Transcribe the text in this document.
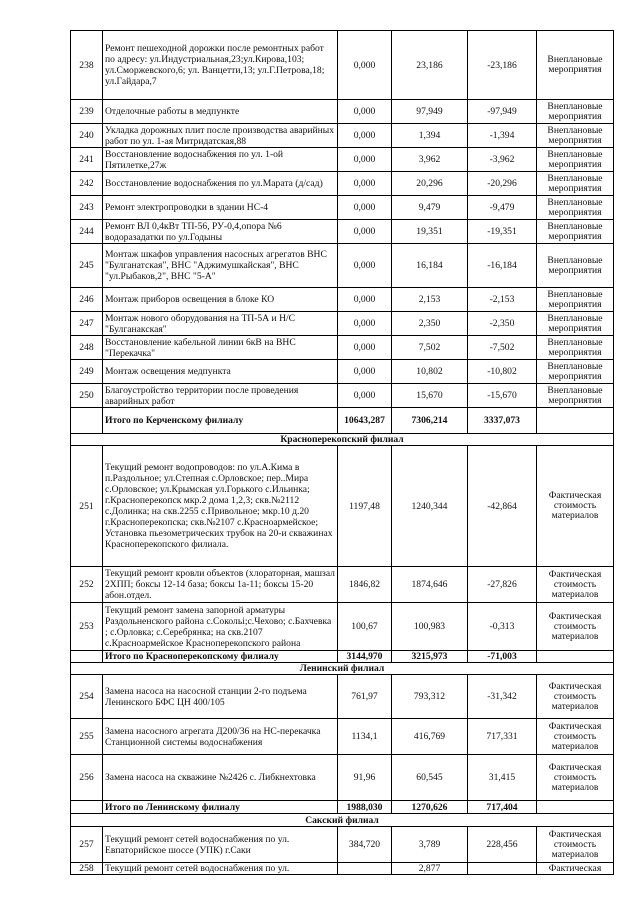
238	Ремонт пешеходной дорожки после ремонтных работ по адресу: ул.Индустриальная,23;ул.Кирова,103; ул.Сморжевского,6; ул. Ванцетти,13; ул.Г.Петрова,18; ул.Гайдара,7	0,000	23,186	-23,186	Внеплановые мероприятия
239	Отделочные работы в медпункте	0,000	97,949	-97,949	Внеплановые мероприятия
240	Укладка дорожных плит после производства аварийных работ по ул. 1-ая Митридатская,88	0,000	1,394	-1,394	Внеплановые мероприятия
241	Восстановление водоснабжения по ул. 1-ой Пятилетке,27ж	0,000	3,962	-3,962	Внеплановые мероприятия
242	Восстановление водоснабжения по ул.Марата (д/сад)	0,000	20,296	-20,296	Внеплановые мероприятия
243	Ремонт электропроводки в здании НС-4	0,000	9,479	-9,479	Внеплановые мероприятия
244	Ремонт ВЛ 0,4кВт ТП-56, РУ-0,4,опора №6 водоразадатки по ул.Годыны	0,000	19,351	-19,351	Внеплановые мероприятия
245	Монтаж шкафов управления насосных агрегатов ВНС "Булганатская", ВНС "Аджимушкайская", ВНС "ул.Рыбаков,2", ВНС "5-А"	0,000	16,184	-16,184	Внеплановые мероприятия
246	Монтаж приборов освещения в блоке КО	0,000	2,153	-2,153	Внеплановые мероприятия
247	Монтаж нового оборудования на ТП-5А и Н/С "Булганакская"	0,000	2,350	-2,350	Внеплановые мероприятия
248	Восстановление кабельной линии 6кВ на ВНС "Перекачка"	0,000	7,502	-7,502	Внеплановые мероприятия
249	Монтаж освещения медпункта	0,000	10,802	-10,802	Внеплановые мероприятия
250	Благоустройство территории после проведения аварийных работ	0,000	15,670	-15,670	Внеплановые мероприятия
	Итого по Керченскому филиалу	10643,287	7306,214	3337,073	
Красноперекопский филиал					
251	Текущий ремонт водопроводов: по ул.А.Кима в п.Раздольное; ул.Степная с.Орловское; пер..Мира с.Орловское; ул.Крымская ул.Горького с.Ильинка; г.Красноперекопск мкр.2 дома 1,2,3; скв.№2112 с.Долинка; на скв.2255 с.Привольное; мкр.10 д.20 г.Красноперекопска; скв.№2107 с.Красноармейское; Установка пьезометрических трубок на 20-и скважинах Красноперекопского филиала.	1197,48	1240,344	-42,864	Фактическая стоимость материалов
252	Текущий ремонт кровли объектов (хлораторная, машзал 2ХПП; боксы 12-14 база; боксы 1а-11; боксы 15-20 абон.отдел.	1846,82	1874,646	-27,826	Фактическая стоимость материалов
253	Текущий ремонт замена запорной арматуры Раздольненского района с.Сокольі;с.Чехово; с.Бахчевка ; с.Орловка; с.Серебрянка; на скв.2107 с.Красноармейское Красноперекопского района	100,67	100,983	-0,313	Фактическая стоимость материалов
	Итого по Красноперекопскому филиалу	3144,970	3215,973	-71,003	
Ленинский филиал					
254	Замена насоса на насосной станции 2-го подъема Ленинского БФС ЦН 400/105	761,97	793,312	-31,342	Фактическая стоимость материалов
255	Замена насосного агрегата Д200/36 на НС-перекачка Станционной системы водоснабжения	1134,1	416,769	717,331	Фактическая стоимость материалов
256	Замена насоса на скважине №2426 с. Либкнехтовка	91,96	60,545	31,415	Фактическая стоимость материалов
	Итого по Ленинскому филиалу	1988,030	1270,626	717,404	
Сакский филиал					
257	Текущий ремонт сетей водоснабжения по ул. Евпаторийское шоссе (УПК) г.Саки	384,720	3,789	228,456	Фактическая стоимость материалов
258	Текущий ремонт сетей водоснабжения по ул.		2,877		Фактическая
